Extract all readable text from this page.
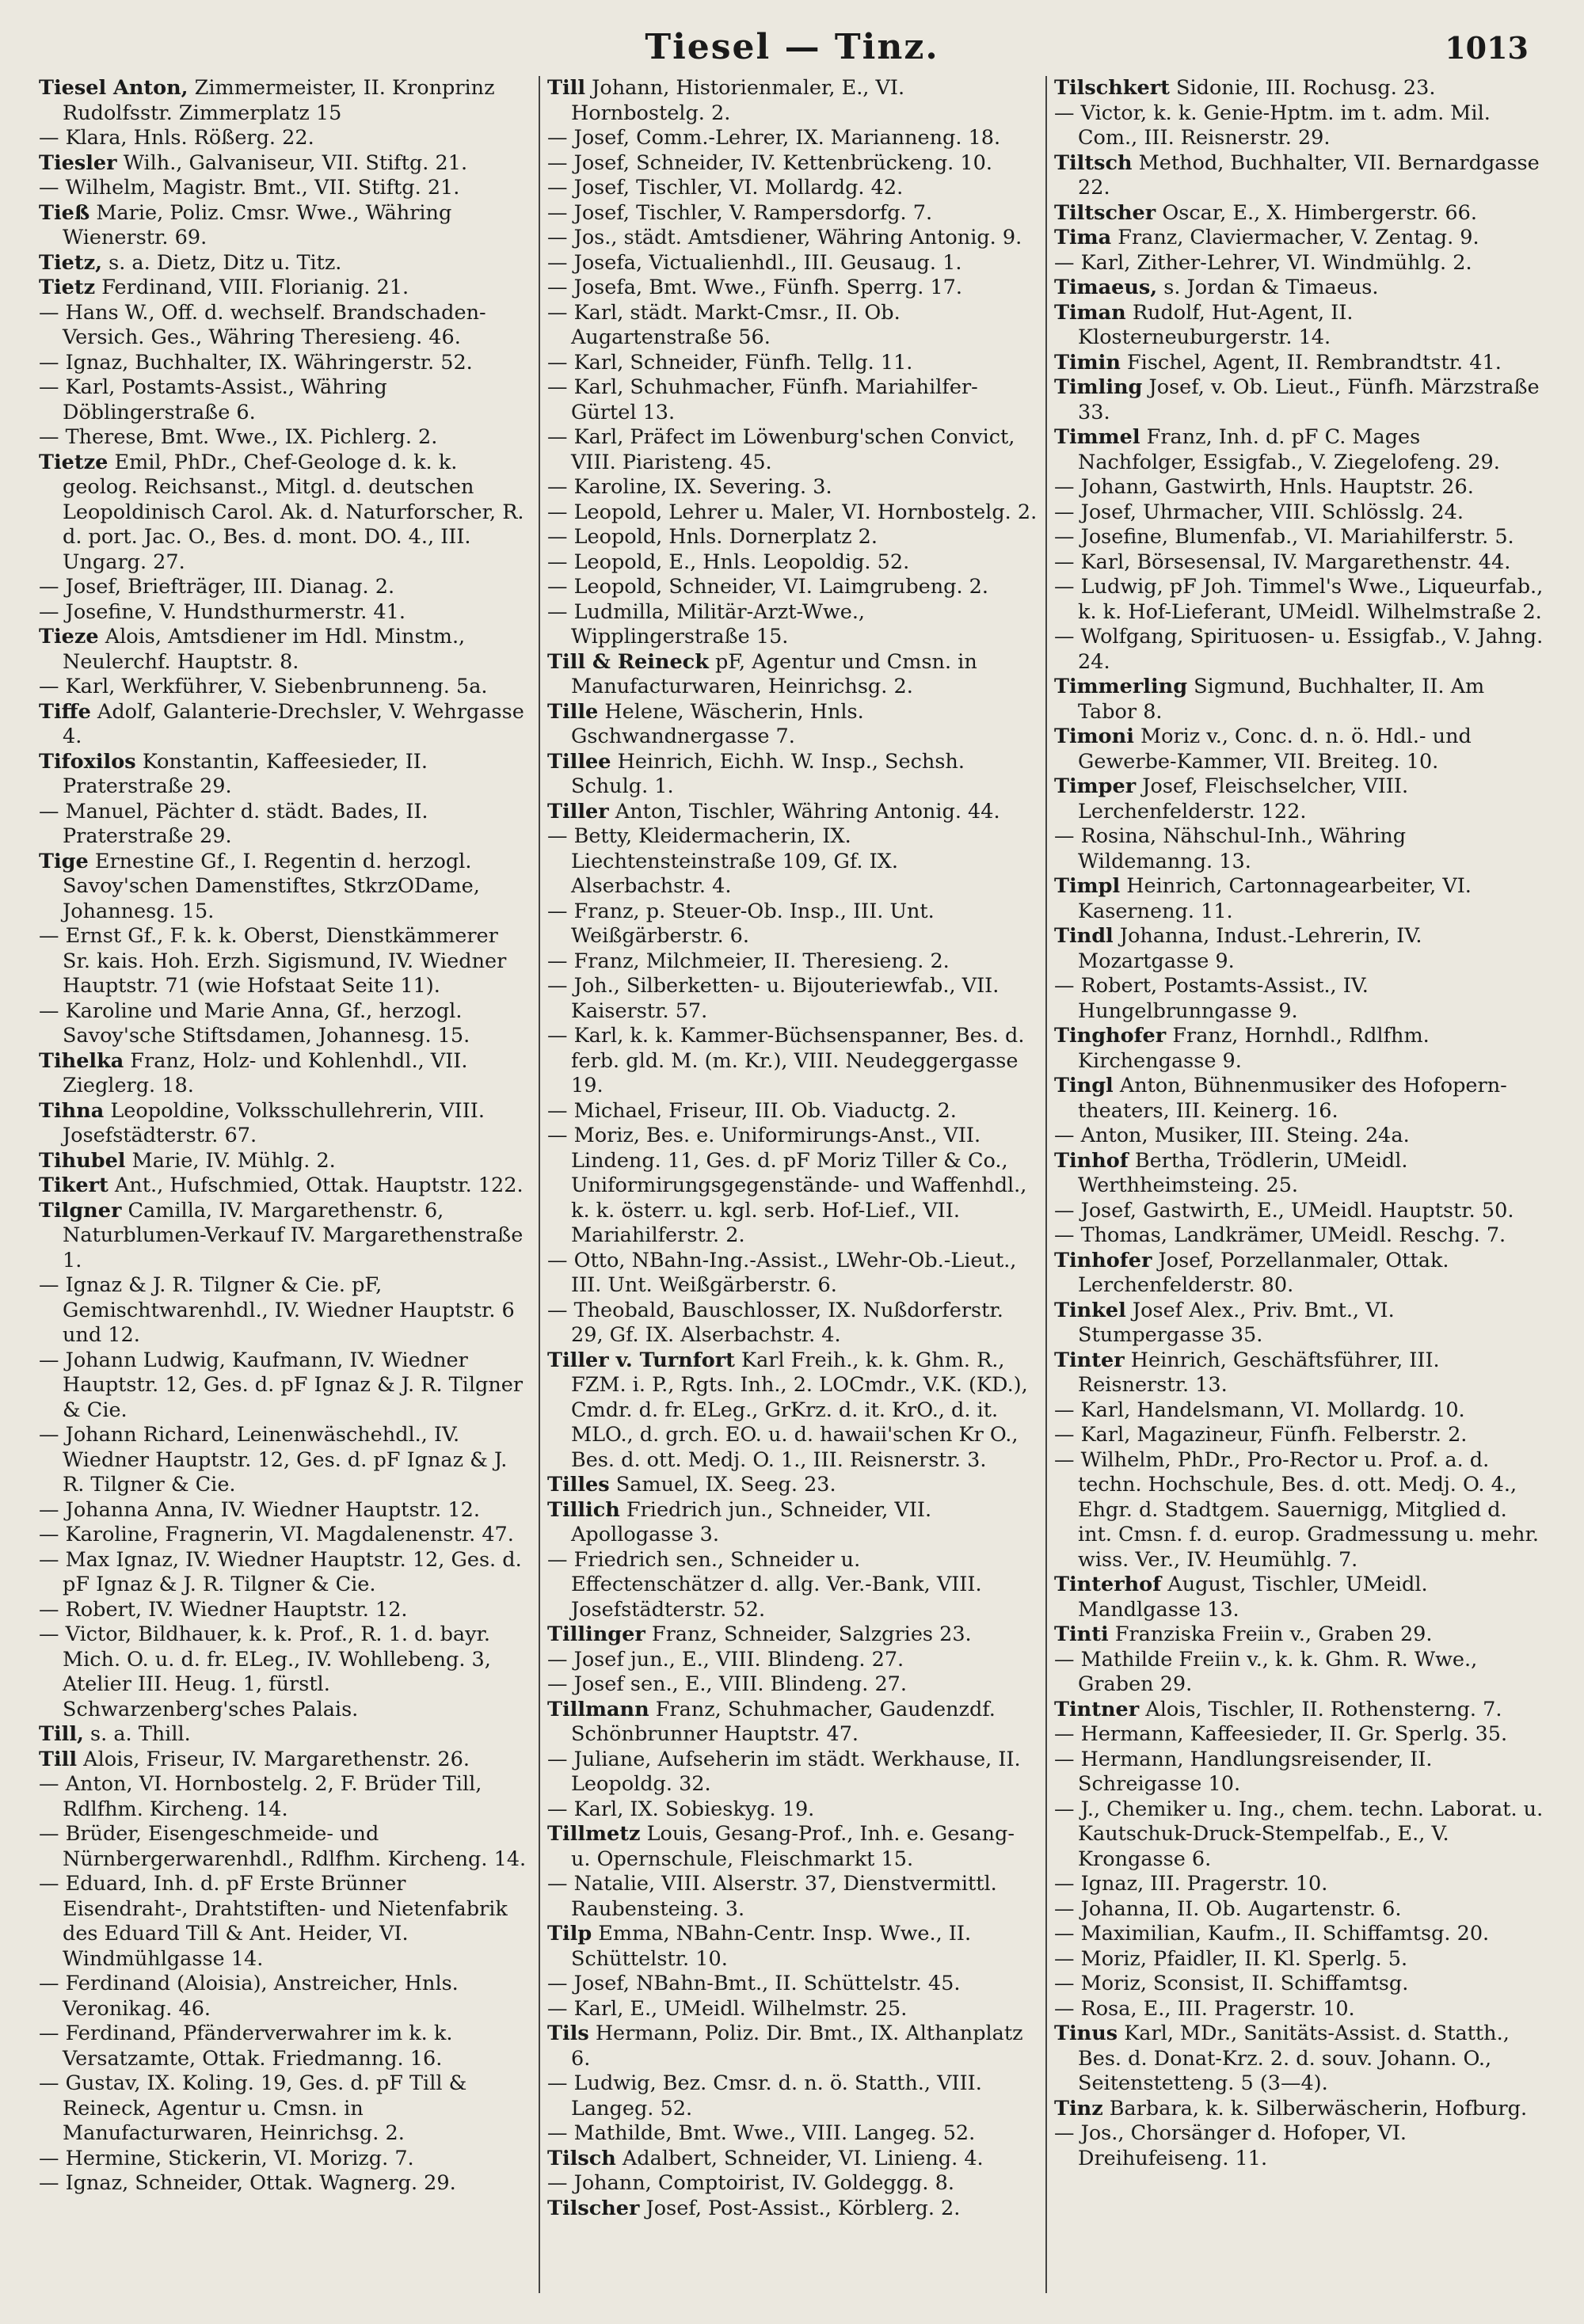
Tiesel — Tinz.	1013

Tiesel Anton, Zimmermeister, II. Kronprinz Rudolfsstr. Zimmerplatz 15

— Klara, Hnls. Rößerg. 22.

Tiesler Wilh., Galvaniseur, VII. Stiftg. 21.

— Wilhelm, Magistr. Bmt., VII. Stiftg. 21.

Tieß Marie, Poliz. Cmsr. Wwe., Währing Wienerstr. 69.

Tietz, s. a. Dietz, Ditz u. Titz.

Tietz Ferdinand, VIII. Florianig. 21.

— Hans W., Off. d. wechself. Brandschaden-Versich. Ges., Währing Theresieng. 46.

— Ignaz, Buchhalter, IX. Währingerstr. 52.

— Karl, Postamts-Assist., Währing Döblingerstraße 6.

— Therese, Bmt. Wwe., IX. Pichlerg. 2.

Tietze Emil, PhDr., Chef-Geologe d. k. k. geolog. Reichsanst., Mitgl. d. deutschen Leopoldinisch Carol. Ak. d. Naturforscher, R. d. port. Jac. O., Bes. d. mont. DO. 4., III. Ungarg. 27.

— Josef, Briefträger, III. Dianag. 2.

— Josefine, V. Hundsthurmerstr. 41.

Tieze Alois, Amtsdiener im Hdl. Minstm., Neulerchf. Hauptstr. 8.

— Karl, Werkführer, V. Siebenbrunneng. 5a.

Tiffe Adolf, Galanterie-Drechsler, V. Wehrgasse 4.

Tifoxilos Konstantin, Kaffeesieder, II. Praterstraße 29.

— Manuel, Pächter d. städt. Bades, II. Praterstraße 29.

Tige Ernestine Gf., I. Regentin d. herzogl. Savoy'schen Damenstiftes, StkrzODame, Johannesg. 15.

— Ernst Gf., F. k. k. Oberst, Dienstkämmerer Sr. kais. Hoh. Erzh. Sigismund, IV. Wiedner Hauptstr. 71 (wie Hofstaat Seite 11).

— Karoline und Marie Anna, Gf., herzogl. Savoy'sche Stiftsdamen, Johannesg. 15.

Tihelka Franz, Holz- und Kohlenhdl., VII. Zieglerg. 18.

Tihna Leopoldine, Volksschullehrerin, VIII. Josefstädterstr. 67.

Tihubel Marie, IV. Mühlg. 2.

Tikert Ant., Hufschmied, Ottak. Hauptstr. 122.

Tilgner Camilla, IV. Margarethenstr. 6, Naturblumen-Verkauf IV. Margarethenstraße 1.

— Ignaz & J. R. Tilgner & Cie. pF, Gemischtwarenhdl., IV. Wiedner Hauptstr. 6 und 12.

— Johann Ludwig, Kaufmann, IV. Wiedner Hauptstr. 12, Ges. d. pF Ignaz & J. R. Tilgner & Cie.

— Johann Richard, Leinenwäschehdl., IV. Wiedner Hauptstr. 12, Ges. d. pF Ignaz & J. R. Tilgner & Cie.

— Johanna Anna, IV. Wiedner Hauptstr. 12.

— Karoline, Fragnerin, VI. Magdalenenstr. 47.

— Max Ignaz, IV. Wiedner Hauptstr. 12, Ges. d. pF Ignaz & J. R. Tilgner & Cie.

— Robert, IV. Wiedner Hauptstr. 12.

— Victor, Bildhauer, k. k. Prof., R. 1. d. bayr. Mich. O. u. d. fr. ELeg., IV. Wohllebeng. 3, Atelier III. Heug. 1, fürstl. Schwarzenberg'sches Palais.

Till, s. a. Thill.

Till Alois, Friseur, IV. Margarethenstr. 26.

— Anton, VI. Hornbostelg. 2, F. Brüder Till, Rdlfhm. Kircheng. 14.

— Brüder, Eisengeschmeide- und Nürnbergerwarenhdl., Rdlfhm. Kircheng. 14.

— Eduard, Inh. d. pF Erste Brünner Eisendraht-, Drahtstiften- und Nietenfabrik des Eduard Till & Ant. Heider, VI. Windmühlgasse 14.

— Ferdinand (Aloisia), Anstreicher, Hnls. Veronikag. 46.

— Ferdinand, Pfänderverwahrer im k. k. Versatzamte, Ottak. Friedmanng. 16.

— Gustav, IX. Koling. 19, Ges. d. pF Till & Reineck, Agentur u. Cmsn. in Manufacturwaren, Heinrichsg. 2.

— Hermine, Stickerin, VI. Morizg. 7.

— Ignaz, Schneider, Ottak. Wagnerg. 29.

Till Johann, Historienmaler, E., VI. Hornbostelg. 2.

— Josef, Comm.-Lehrer, IX. Marianneng. 18.

— Josef, Schneider, IV. Kettenbrückeng. 10.

— Josef, Tischler, VI. Mollardg. 42.

— Josef, Tischler, V. Rampersdorfg. 7.

— Jos., städt. Amtsdiener, Währing Antonig. 9.

— Josefa, Victualienhdl., III. Geusaug. 1.

— Josefa, Bmt. Wwe., Fünfh. Sperrg. 17.

— Karl, städt. Markt-Cmsr., II. Ob. Augartenstraße 56.

— Karl, Schneider, Fünfh. Tellg. 11.

— Karl, Schuhmacher, Fünfh. Mariahilfer-Gürtel 13.

— Karl, Präfect im Löwenburg'schen Convict, VIII. Piaristeng. 45.

— Karoline, IX. Severing. 3.

— Leopold, Lehrer u. Maler, VI. Hornbostelg. 2.

— Leopold, Hnls. Dornerplatz 2.

— Leopold, E., Hnls. Leopoldig. 52.

— Leopold, Schneider, VI. Laimgrubeng. 2.

— Ludmilla, Militär-Arzt-Wwe., Wipplingerstraße 15.

Till & Reineck pF, Agentur und Cmsn. in Manufacturwaren, Heinrichsg. 2.

Tille Helene, Wäscherin, Hnls. Gschwandnergasse 7.

Tillee Heinrich, Eichh. W. Insp., Sechsh. Schulg. 1.

Tiller Anton, Tischler, Währing Antonig. 44.

— Betty, Kleidermacherin, IX. Liechtensteinstraße 109, Gf. IX. Alserbachstr. 4.

— Franz, p. Steuer-Ob. Insp., III. Unt. Weißgärberstr. 6.

— Franz, Milchmeier, II. Theresieng. 2.

— Joh., Silberketten- u. Bijouteriewfab., VII. Kaiserstr. 57.

— Karl, k. k. Kammer-Büchsenspanner, Bes. d. ferb. gld. M. (m. Kr.), VIII. Neudeggergasse 19.

— Michael, Friseur, III. Ob. Viaductg. 2.

— Moriz, Bes. e. Uniformirungs-Anst., VII. Lindeng. 11, Ges. d. pF Moriz Tiller & Co., Uniformirungsgegenstände- und Waffenhdl., k. k. österr. u. kgl. serb. Hof-Lief., VII. Mariahilferstr. 2.

— Otto, NBahn-Ing.-Assist., LWehr-Ob.-Lieut., III. Unt. Weißgärberstr. 6.

— Theobald, Bauschlosser, IX. Nußdorferstr. 29, Gf. IX. Alserbachstr. 4.

Tiller v. Turnfort Karl Freih., k. k. Ghm. R., FZM. i. P., Rgts. Inh., 2. LOCmdr., V.K. (KD.), Cmdr. d. fr. ELeg., GrKrz. d. it. KrO., d. it. MLO., d. grch. EO. u. d. hawaii'schen Kr O., Bes. d. ott. Medj. O. 1., III. Reisnerstr. 3.

Tilles Samuel, IX. Seeg. 23.

Tillich Friedrich jun., Schneider, VII. Apollogasse 3.

— Friedrich sen., Schneider u. Effectenschätzer d. allg. Ver.-Bank, VIII. Josefstädterstr. 52.

Tillinger Franz, Schneider, Salzgries 23.

— Josef jun., E., VIII. Blindeng. 27.

— Josef sen., E., VIII. Blindeng. 27.

Tillmann Franz, Schuhmacher, Gaudenzdf. Schönbrunner Hauptstr. 47.

— Juliane, Aufseherin im städt. Werkhause, II. Leopoldg. 32.

— Karl, IX. Sobieskyg. 19.

Tillmetz Louis, Gesang-Prof., Inh. e. Gesang- u. Opernschule, Fleischmarkt 15.

— Natalie, VIII. Alserstr. 37, Dienstvermittl. Raubensteing. 3.

Tilp Emma, NBahn-Centr. Insp. Wwe., II. Schüttelstr. 10.

— Josef, NBahn-Bmt., II. Schüttelstr. 45.

— Karl, E., UMeidl. Wilhelmstr. 25.

Tils Hermann, Poliz. Dir. Bmt., IX. Althanplatz 6.

— Ludwig, Bez. Cmsr. d. n. ö. Statth., VIII. Langeg. 52.

— Mathilde, Bmt. Wwe., VIII. Langeg. 52.

Tilsch Adalbert, Schneider, VI. Linieng. 4.

— Johann, Comptoirist, IV. Goldeggg. 8.

Tilscher Josef, Post-Assist., Körblerg. 2.

Tilschkert Sidonie, III. Rochusg. 23.

— Victor, k. k. Genie-Hptm. im t. adm. Mil. Com., III. Reisnerstr. 29.

Tiltsch Method, Buchhalter, VII. Bernardgasse 22.

Tiltscher Oscar, E., X. Himbergerstr. 66.

Tima Franz, Claviermacher, V. Zentag. 9.

— Karl, Zither-Lehrer, VI. Windmühlg. 2.

Timaeus, s. Jordan & Timaeus.

Timan Rudolf, Hut-Agent, II. Klosterneuburgerstr. 14.

Timin Fischel, Agent, II. Rembrandtstr. 41.

Timling Josef, v. Ob. Lieut., Fünfh. Märzstraße 33.

Timmel Franz, Inh. d. pF C. Mages Nachfolger, Essigfab., V. Ziegelofeng. 29.

— Johann, Gastwirth, Hnls. Hauptstr. 26.

— Josef, Uhrmacher, VIII. Schlösslg. 24.

— Josefine, Blumenfab., VI. Mariahilferstr. 5.

— Karl, Börsesensal, IV. Margarethenstr. 44.

— Ludwig, pF Joh. Timmel's Wwe., Liqueurfab., k. k. Hof-Lieferant, UMeidl. Wilhelmstraße 2.

— Wolfgang, Spirituosen- u. Essigfab., V. Jahng. 24.

Timmerling Sigmund, Buchhalter, II. Am Tabor 8.

Timoni Moriz v., Conc. d. n. ö. Hdl.- und Gewerbe-Kammer, VII. Breiteg. 10.

Timper Josef, Fleischselcher, VIII. Lerchenfelderstr. 122.

— Rosina, Nähschul-Inh., Währing Wildemanng. 13.

Timpl Heinrich, Cartonnagearbeiter, VI. Kaserneng. 11.

Tindl Johanna, Indust.-Lehrerin, IV. Mozartgasse 9.

— Robert, Postamts-Assist., IV. Hungelbrunngasse 9.

Tinghofer Franz, Hornhdl., Rdlfhm. Kirchengasse 9.

Tingl Anton, Bühnenmusiker des Hofopern-theaters, III. Keinerg. 16.

— Anton, Musiker, III. Steing. 24a.

Tinhof Bertha, Trödlerin, UMeidl. Werthheimsteing. 25.

— Josef, Gastwirth, E., UMeidl. Hauptstr. 50.

— Thomas, Landkrämer, UMeidl. Reschg. 7.

Tinhofer Josef, Porzellanmaler, Ottak. Lerchenfelderstr. 80.

Tinkel Josef Alex., Priv. Bmt., VI. Stumpergasse 35.

Tinter Heinrich, Geschäftsführer, III. Reisnerstr. 13.

— Karl, Handelsmann, VI. Mollardg. 10.

— Karl, Magazineur, Fünfh. Felberstr. 2.

— Wilhelm, PhDr., Pro-Rector u. Prof. a. d. techn. Hochschule, Bes. d. ott. Medj. O. 4., Ehgr. d. Stadtgem. Sauernigg, Mitglied d. int. Cmsn. f. d. europ. Gradmessung u. mehr. wiss. Ver., IV. Heumühlg. 7.

Tinterhof August, Tischler, UMeidl. Mandlgasse 13.

Tinti Franziska Freiin v., Graben 29.

— Mathilde Freiin v., k. k. Ghm. R. Wwe., Graben 29.

Tintner Alois, Tischler, II. Rothensterng. 7.

— Hermann, Kaffeesieder, II. Gr. Sperlg. 35.

— Hermann, Handlungsreisender, II. Schreigasse 10.

— J., Chemiker u. Ing., chem. techn. Laborat. u. Kautschuk-Druck-Stempelfab., E., V. Krongasse 6.

— Ignaz, III. Pragerstr. 10.

— Johanna, II. Ob. Augartenstr. 6.

— Maximilian, Kaufm., II. Schiffamtsg. 20.

— Moriz, Pfaidler, II. Kl. Sperlg. 5.

— Moriz, Sconsist, II. Schiffamtsg.

— Rosa, E., III. Pragerstr. 10.

Tinus Karl, MDr., Sanitäts-Assist. d. Statth., Bes. d. Donat-Krz. 2. d. souv. Johann. O., Seitenstetteng. 5 (3—4).

Tinz Barbara, k. k. Silberwäscherin, Hofburg.

— Jos., Chorsänger d. Hofoper, VI. Dreihufeiseng. 11.
